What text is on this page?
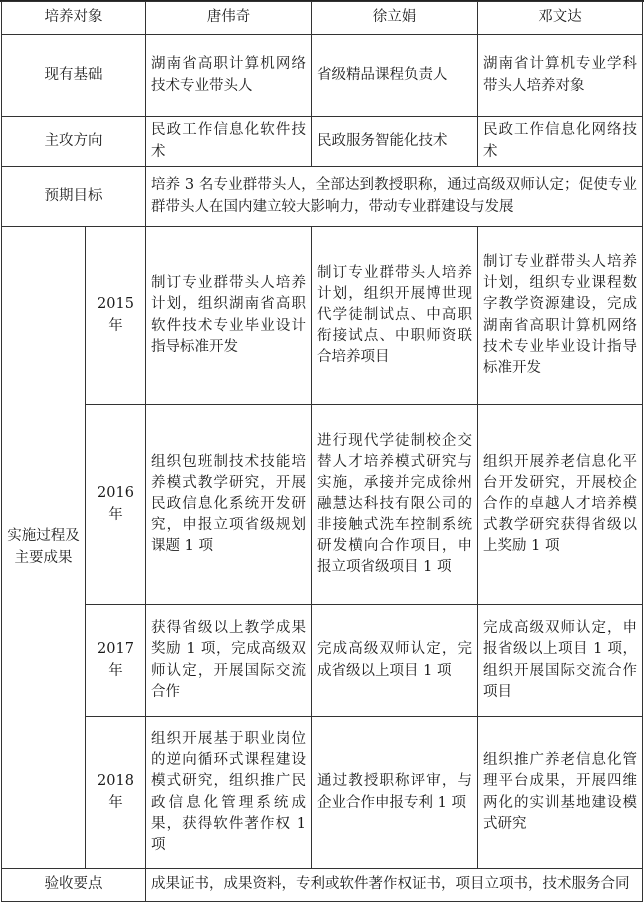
培养对象		唐伟奇	徐立娟	邓文达
现有基础		湖南省高职计算机网络技术专业带头人	省级精品课程负责人	湖南省计算机专业学科带头人培养对象
主攻方向		民政工作信息化软件技术	民政服务智能化技术	民政工作信息化网络技术
预期目标		培养 3 名专业群带头人，全部达到教授职称，通过高级双师认定；促使专业群带头人在国内建立较大影响力，带动专业群建设与发展		
实施过程及主要成果	2015 年	制订专业群带头人培养计划，组织湖南省高职软件技术专业毕业设计指导标准开发	制订专业群带头人培养计划，组织开展博世现代学徒制试点、中高职衔接试点、中职师资联合培养项目	制订专业群带头人培养计划，组织专业课程数字教学资源建设，完成湖南省高职计算机网络技术专业毕业设计指导标准开发
	2016 年	组织包班制技术技能培养模式教学研究，开展民政信息化系统开发研究，申报立项省级规划课题 1 项	进行现代学徒制校企交替人才培养模式研究与实施，承接并完成徐州融慧达科技有限公司的非接触式洗车控制系统研发横向合作项目，申报立项省级项目 1 项	组织开展养老信息化平台开发研究，开展校企合作的卓越人才培养模式教学研究获得省级以上奖励 1 项
	2017 年	获得省级以上教学成果奖励 1 项，完成高级双师认定，开展国际交流合作	完成高级双师认定，完成省级以上项目 1 项	完成高级双师认定，申报省级以上项目 1 项，组织开展国际交流合作项目
	2018 年	组织开展基于职业岗位的逆向循环式课程建设模式研究，组织推广民政信息化管理系统成果，获得软件著作权 1 项	通过教授职称评审，与企业合作申报专利 1 项	组织推广养老信息化管理平台成果，开展四维两化的实训基地建设模式研究
验收要点		成果证书，成果资料，专利或软件著作权证书，项目立项书，技术服务合同		
